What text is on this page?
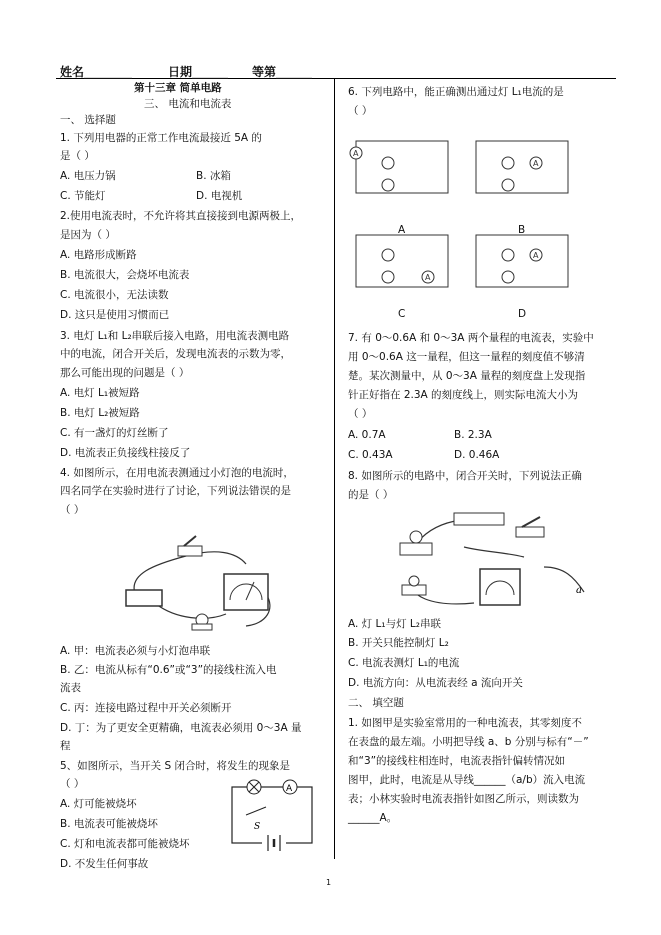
姓名________	日期______ 等第______
第十三章 简单电路
三、 电流和电流表
一、 选择题
1. 下列用电器的正常工作电流最接近 5A 的
是（ ）
A. 电压力锅	B. 冰箱
C. 节能灯	D. 电视机
2.使用电流表时，不允许将其直接接到电源两极上，
是因为（ ）
A. 电路形成断路
B. 电流很大，会烧坏电流表
C. 电流很小，无法读数
D. 这只是使用习惯而已
3. 电灯 L₁和 L₂串联后接入电路，用电流表测电路
中的电流，闭合开关后，发现电流表的示数为零，
那么可能出现的问题是（ ）
A. 电灯 L₁被短路
B. 电灯 L₂被短路
C. 有一盏灯的灯丝断了
D. 电流表正负接线柱接反了
4. 如图所示，在用电流表测通过小灯泡的电流时，
四名同学在实验时进行了讨论，下列说法错误的是
（ ）
A. 甲：电流表必须与小灯泡串联
B. 乙：电流从标有“0.6”或“3”的接线柱流入电
流表
C. 丙：连接电路过程中开关必须断开
D. 丁：为了更安全更精确，电流表必须用 0～3A 量
程
5、如图所示，当开关 S 闭合时，将发生的现象是
（ ）
A. 灯可能被烧坏
B. 电流表可能被烧坏
C. 灯和电流表都可能被烧坏
D. 不发生任何事故
A
S
6. 下列电路中，能正确测出通过灯 L₁电流的是
（ ）
A
A
A
A
A	B
C	D
7. 有 0～0.6A 和 0～3A 两个量程的电流表，实验中
用 0～0.6A 这一量程，但这一量程的刻度值不够清
楚。某次测量中，从 0～3A 量程的刻度盘上发现指
针正好指在 2.3A 的刻度线上，则实际电流大小为
（ ）
A. 0.7A	B. 2.3A
C. 0.43A	D. 0.46A
8. 如图所示的电路中，闭合开关时，下列说法正确
的是（ ）
a
A. 灯 L₁与灯 L₂串联
B. 开关只能控制灯 L₂
C. 电流表测灯 L₁的电流
D. 电流方向：从电流表经 a 流向开关
二、 填空题
1. 如图甲是实验室常用的一种电流表，其零刻度不
在表盘的最左端。小明把导线 a、b 分别与标有“－”
和“3”的接线柱相连时，电流表指针偏转情况如
图甲，此时，电流是从导线______（a/b）流入电流
表；小林实验时电流表指针如图乙所示，则读数为
______A。
1
